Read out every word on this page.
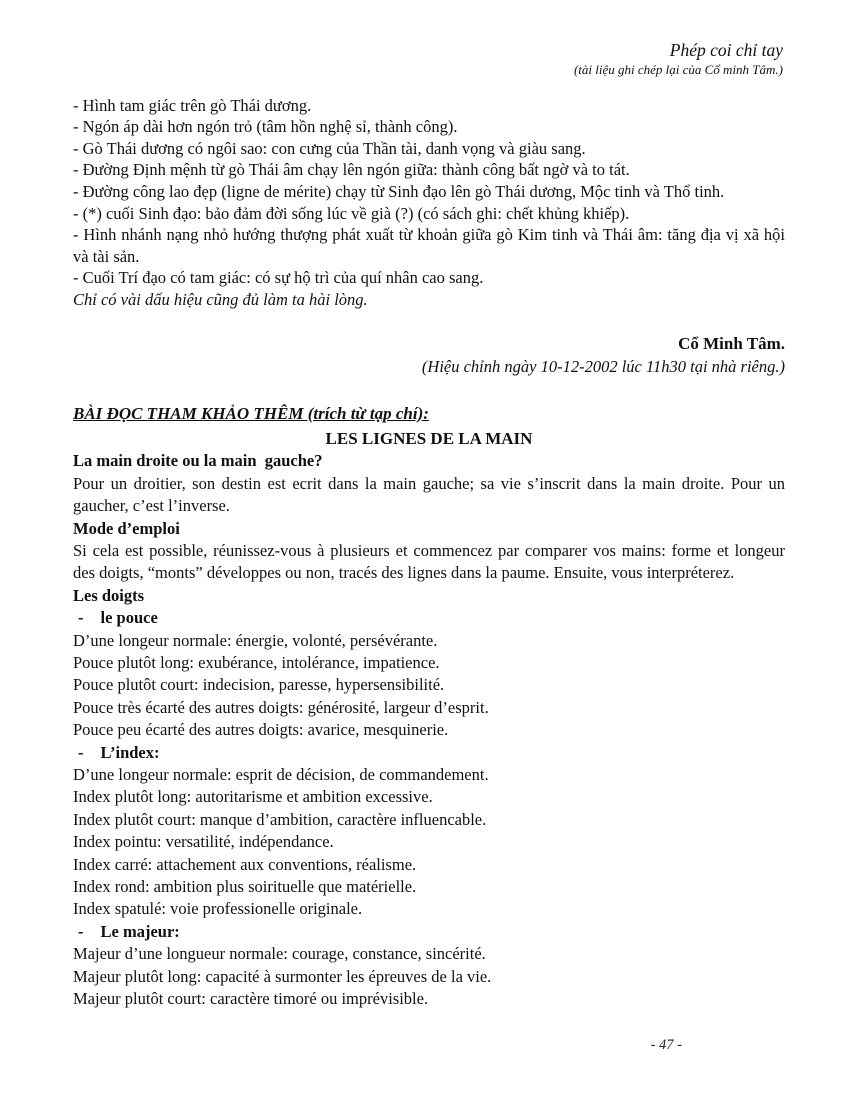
Phép coi chỉ tay
(tài liệu ghi chép lại của Cổ minh Tâm.)

- Hình tam giác trên gò Thái dương.

- Ngón áp dài hơn ngón trỏ (tâm hồn nghệ sỉ, thành công).

- Gò Thái dương có ngôi sao: con cưng của Thần tài, danh vọng và giàu sang.

- Đường Định mệnh từ gò Thái âm chạy lên ngón giữa: thành công bất ngờ và to tát.

- Đường công lao đẹp (ligne de mérite) chạy từ Sinh đạo lên gò Thái dương, Mộc tinh và Thổ tinh.

- (*) cuối Sinh đạo: bảo đảm đời sống lúc về già (?) (có sách ghi: chết khủng khiếp).

- Hình nhánh nạng nhỏ hướng thượng phát xuất từ khoản giữa gò Kim tinh và Thái âm: tăng địa vị xã hội và tài sản.

- Cuối Trí đạo có tam giác: có sự hộ trì của quí nhân cao sang.

Chỉ có vài dấu hiệu cũng đủ làm ta hài lòng.

Cổ Minh Tâm.
(Hiệu chỉnh ngày 10-12-2002 lúc 11h30 tại nhà riêng.)
BÀI ĐỌC THAM KHẢO THÊM (trích từ tạp chí):
LES LIGNES DE LA MAIN

La main droite ou la main  gauche?

Pour un droitier, son destin est ecrit dans la main gauche; sa vie s’inscrit dans la main droite. Pour un gaucher, c’est l’inverse.

Mode d’emploi

Si cela est possible, réunissez-vous à plusieurs et commencez par comparer vos mains: forme et longeur des doigts, “monts” développes ou non, tracés des lignes dans la paume. Ensuite, vous interpréterez.

Les doigts

- le pouce

D’une longeur normale: énergie, volonté, persévérante.

Pouce plutôt long: exubérance, intolérance, impatience.

Pouce plutôt court: indecision, paresse, hypersensibilité.

Pouce très écarté des autres doigts: générosité, largeur d’esprit.

Pouce peu écarté des autres doigts: avarice, mesquinerie.

- L’index:

D’une longeur normale: esprit de décision, de commandement.

Index plutôt long: autoritarisme et ambition excessive.

Index plutôt court: manque d’ambition, caractère influencable.

Index pointu: versatilité, indépendance.

Index carré: attachement aux conventions, réalisme.

Index rond: ambition plus soirituelle que matérielle.

Index spatulé: voie professionelle originale.

- Le majeur:

Majeur d’une longueur normale: courage, constance, sincérité.

Majeur plutôt long: capacité à surmonter les épreuves de la vie.

Majeur plutôt court: caractère timoré ou imprévisible.

- 47 -
